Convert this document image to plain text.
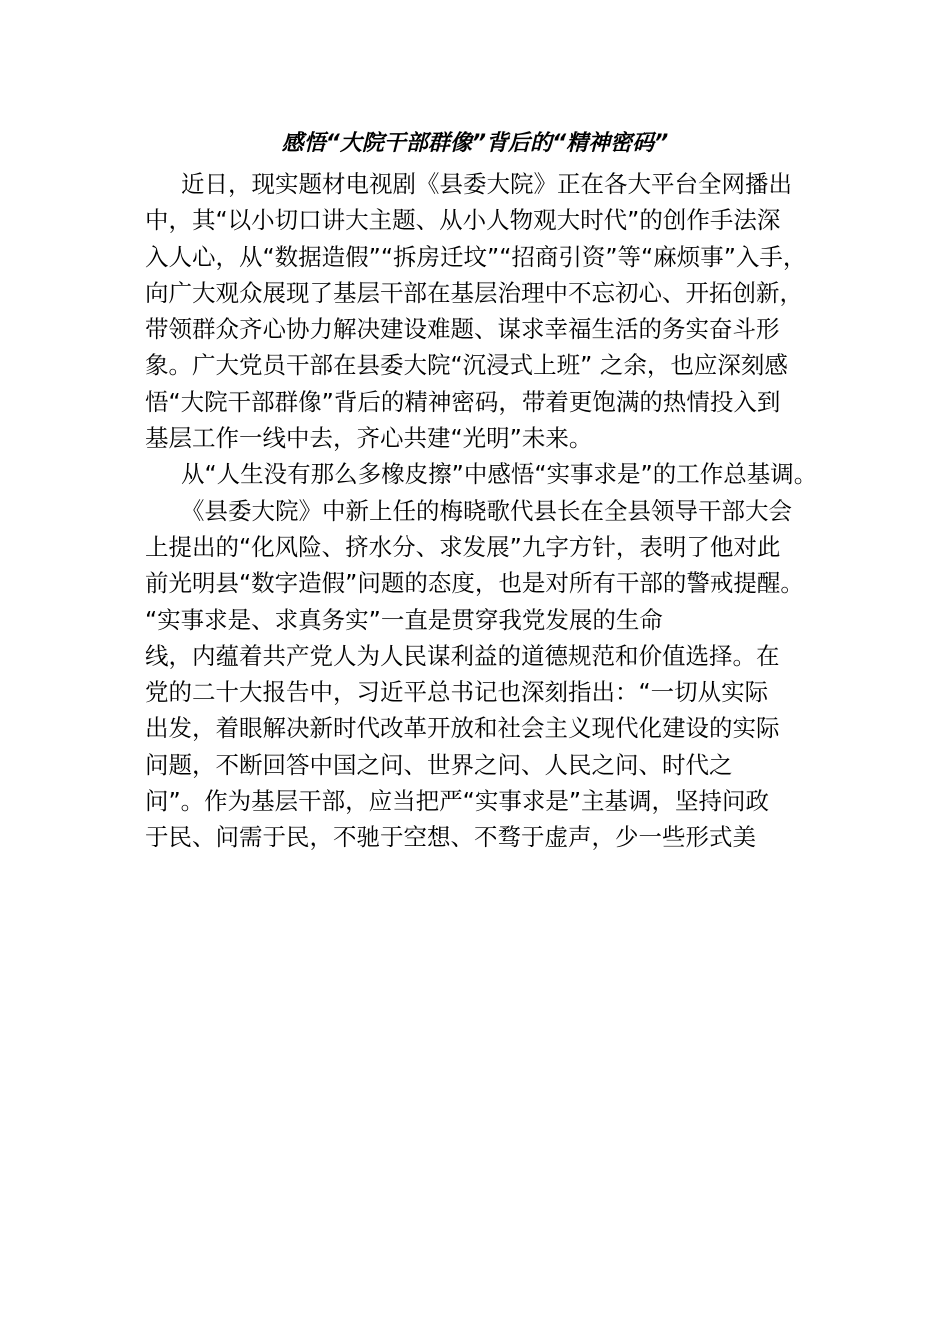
感悟“大院干部群像”背后的“精神密码”
近日，现实题材电视剧《县委大院》正在各大平台全网播出
中，其“以小切口讲大主题、从小人物观大时代”的创作手法深
入人心，从“数据造假”“拆房迁坟”“招商引资”等“麻烦事”入手，
向广大观众展现了基层干部在基层治理中不忘初心、开拓创新，
带领群众齐心协力解决建设难题、谋求幸福生活的务实奋斗形
象。广大党员干部在县委大院“沉浸式上班” 之余，也应深刻感
悟“大院干部群像”背后的精神密码，带着更饱满的热情投入到
基层工作一线中去，齐心共建“光明”未来。
从“人生没有那么多橡皮擦”中感悟“实事求是”的工作总基调。
《县委大院》中新上任的梅晓歌代县长在全县领导干部大会
上提出的“化风险、挤水分、求发展”九字方针，表明了他对此
前光明县“数字造假”问题的态度，也是对所有干部的警戒提醒。
“实事求是、求真务实”一直是贯穿我党发展的生命
线，内蕴着共产党人为人民谋利益的道德规范和价值选择。在
党的二十大报告中，习近平总书记也深刻指出：“一切从实际
出发，着眼解决新时代改革开放和社会主义现代化建设的实际
问题，不断回答中国之问、世界之问、人民之问、时代之
问”。作为基层干部，应当把严“实事求是”主基调，坚持问政
于民、问需于民，不驰于空想、不骛于虚声，少一些形式美
